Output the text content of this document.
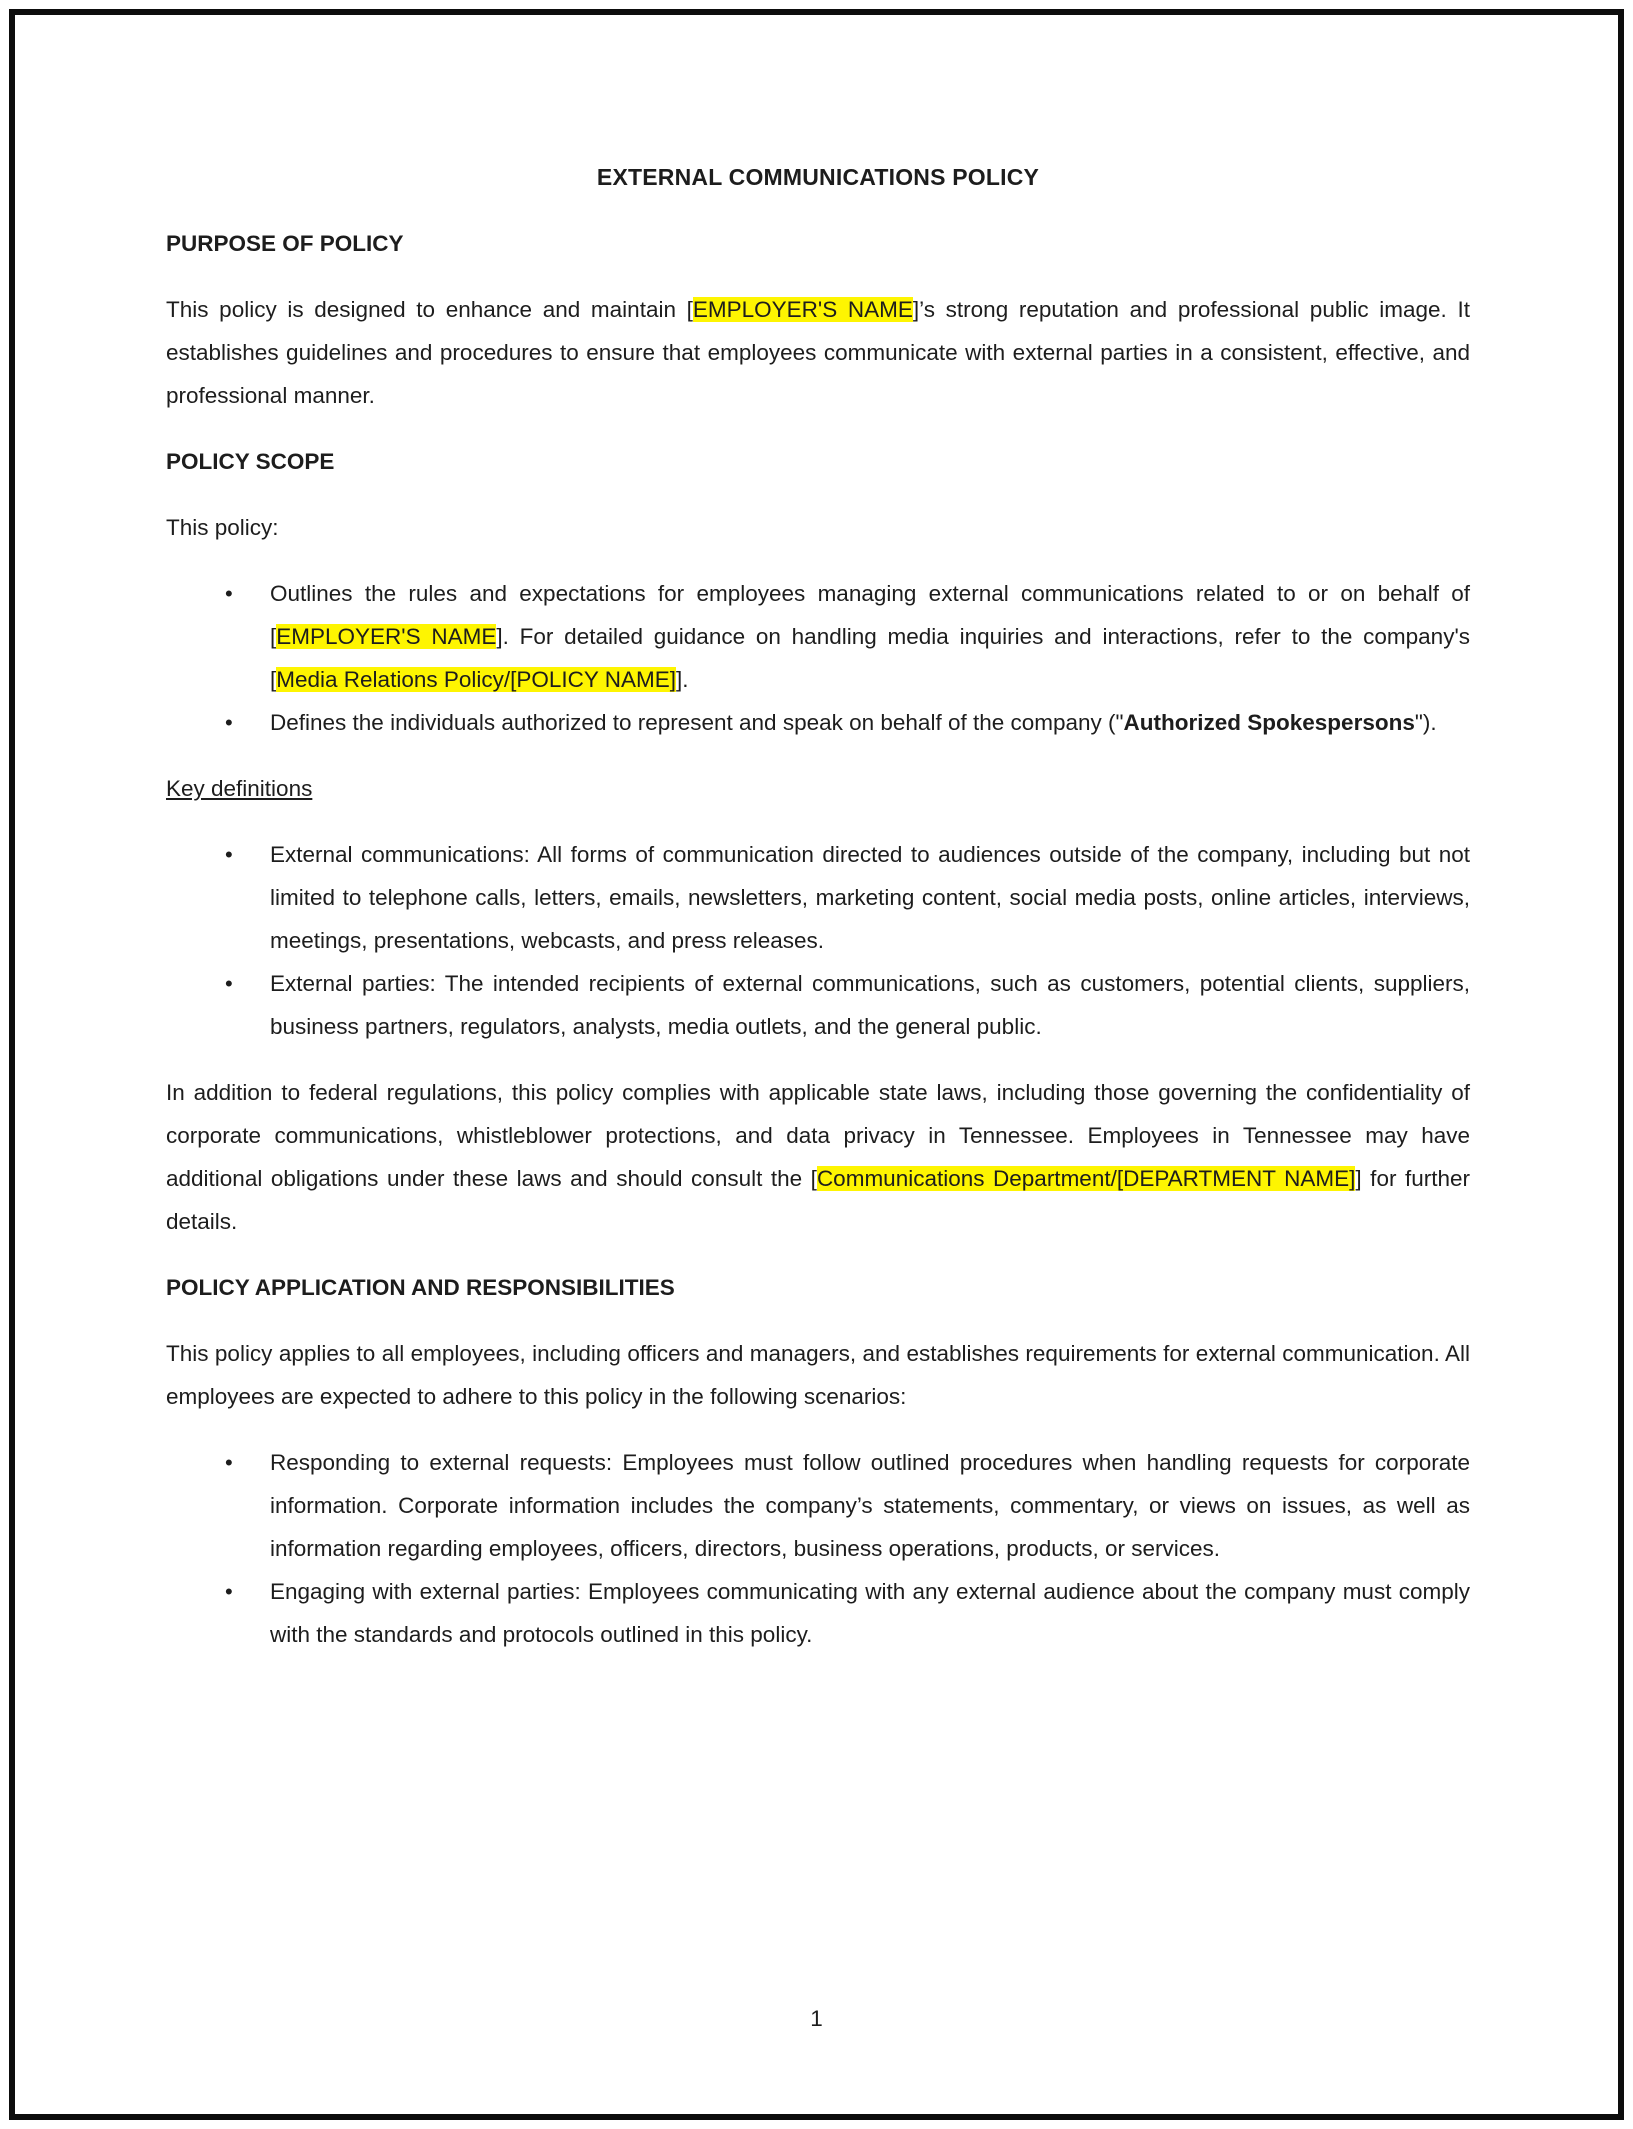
EXTERNAL COMMUNICATIONS POLICY
PURPOSE OF POLICY

This policy is designed to enhance and maintain [EMPLOYER'S NAME]’s strong reputation and professional public image. It establishes guidelines and procedures to ensure that employees communicate with external parties in a consistent, effective, and professional manner.

POLICY SCOPE

This policy:

• Outlines the rules and expectations for employees managing external communications related to or on behalf of [EMPLOYER'S NAME]. For detailed guidance on handling media inquiries and interactions, refer to the company's [Media Relations Policy/[POLICY NAME]].
• Defines the individuals authorized to represent and speak on behalf of the company ("Authorized Spokespersons").
Key definitions
• External communications: All forms of communication directed to audiences outside of the company, including but not limited to telephone calls, letters, emails, newsletters, marketing content, social media posts, online articles, interviews, meetings, presentations, webcasts, and press releases.
• External parties: The intended recipients of external communications, such as customers, potential clients, suppliers, business partners, regulators, analysts, media outlets, and the general public.

In addition to federal regulations, this policy complies with applicable state laws, including those governing the confidentiality of corporate communications, whistleblower protections, and data privacy in Tennessee. Employees in Tennessee may have additional obligations under these laws and should consult the [Communications Department/[DEPARTMENT NAME]] for further details.

POLICY APPLICATION AND RESPONSIBILITIES

This policy applies to all employees, including officers and managers, and establishes requirements for external communication. All employees are expected to adhere to this policy in the following scenarios:

• Responding to external requests: Employees must follow outlined procedures when handling requests for corporate information. Corporate information includes the company’s statements, commentary, or views on issues, as well as information regarding employees, officers, directors, business operations, products, or services.
• Engaging with external parties: Employees communicating with any external audience about the company must comply with the standards and protocols outlined in this policy.
1
